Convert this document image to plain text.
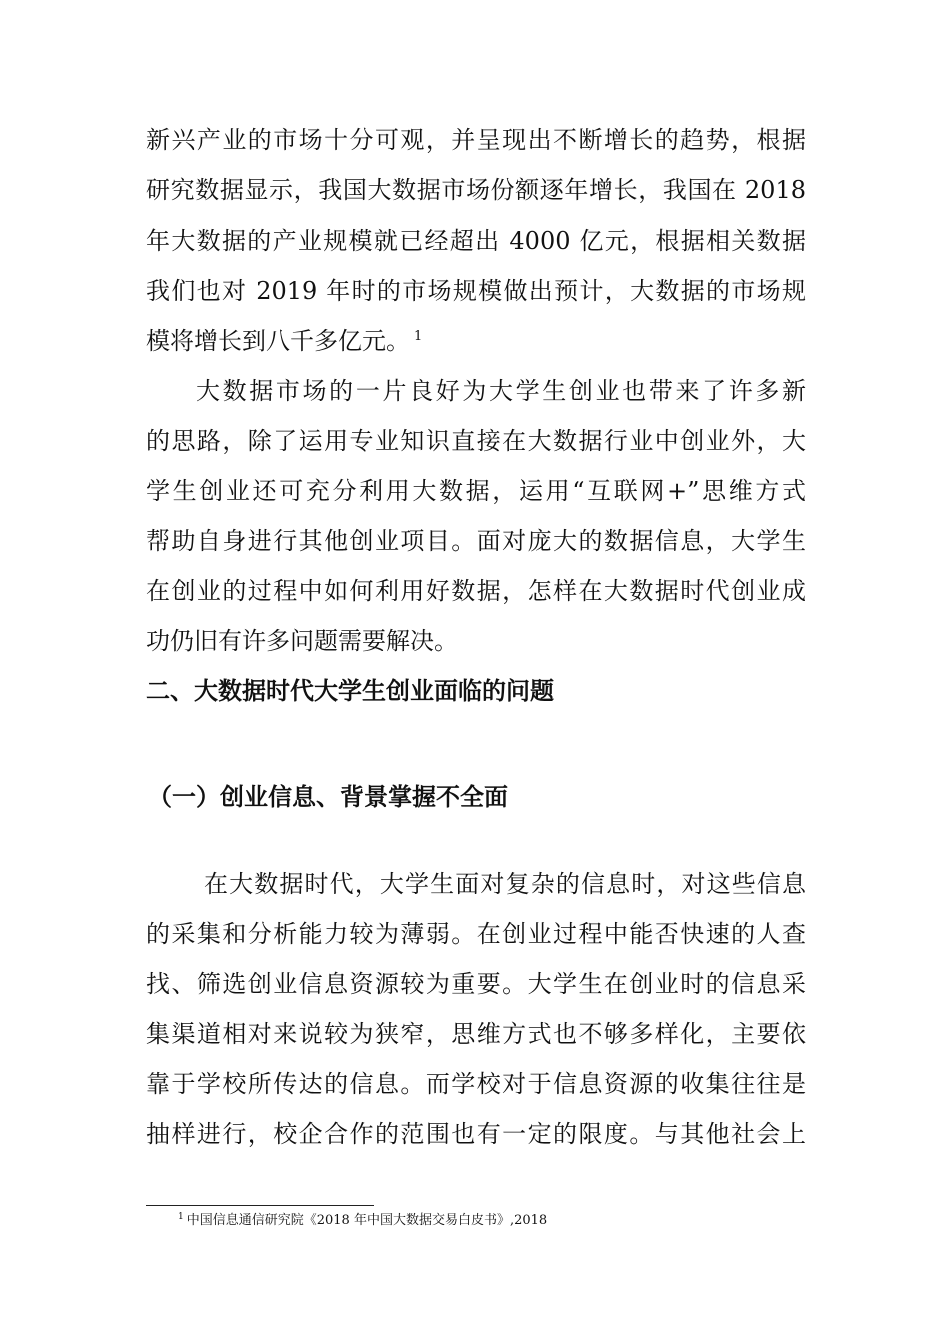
新兴产业的市场十分可观，并呈现出不断增长的趋势，根据
研究数据显示，我国大数据市场份额逐年增长，我国在 2018
年大数据的产业规模就已经超出 4000 亿元，根据相关数据
我们也对 2019 年时的市场规模做出预计，大数据的市场规
模将增长到八千多亿元。 $^1$
大数据市场的一片良好为大学生创业也带来了许多新
的思路，除了运用专业知识直接在大数据行业中创业外，大
学生创业还可充分利用大数据，运用“互联网+”思维方式
帮助自身进行其他创业项目。面对庞大的数据信息，大学生
在创业的过程中如何利用好数据，怎样在大数据时代创业成
功仍旧有许多问题需要解决。
二、大数据时代大学生创业面临的问题
（一）创业信息、背景掌握不全面
在大数据时代，大学生面对复杂的信息时，对这些信息
的采集和分析能力较为薄弱。在创业过程中能否快速的人查
找、筛选创业信息资源较为重要。大学生在创业时的信息采
集渠道相对来说较为狭窄，思维方式也不够多样化，主要依
靠于学校所传达的信息。而学校对于信息资源的收集往往是
抽样进行，校企合作的范围也有一定的限度。与其他社会上
$^1$ 中国信息通信研究院《2018 年中国大数据交易白皮书》,2018
